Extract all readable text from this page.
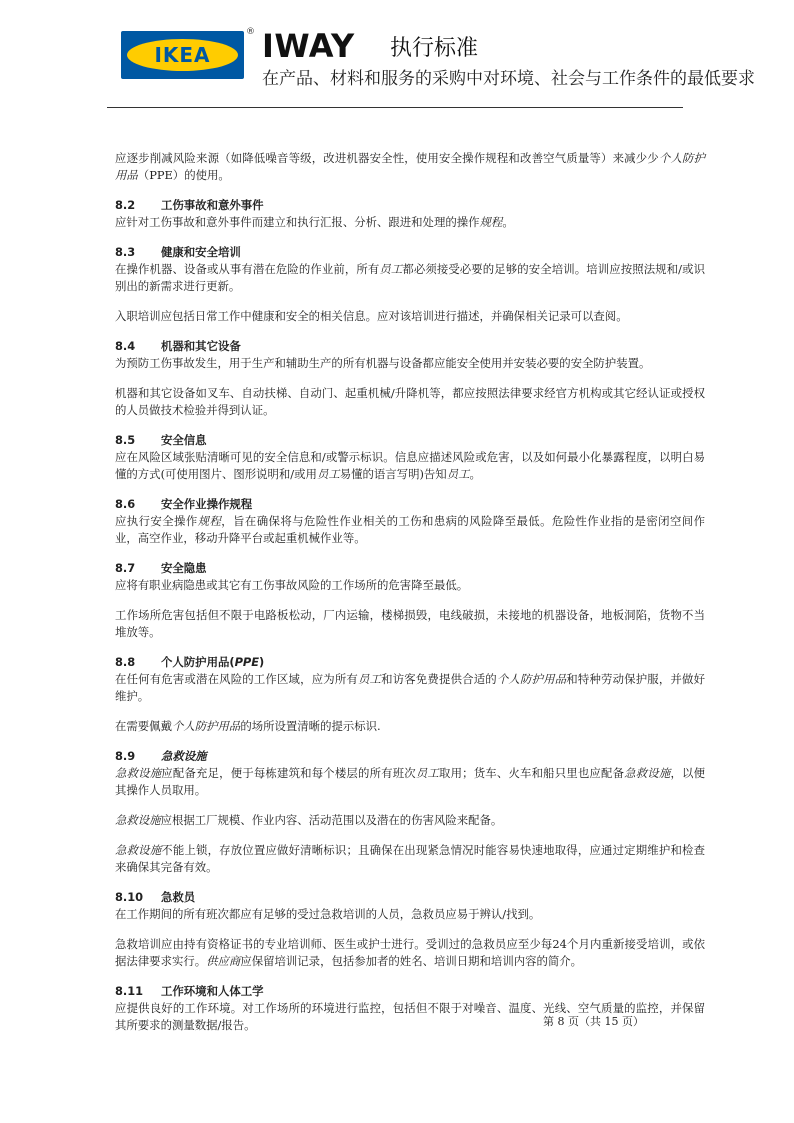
IKEA
® IWAY 执行标准
在产品、材料和服务的采购中对环境、社会与工作条件的最低要求

应逐步削减风险来源（如降低噪音等级，改进机器安全性，使用安全操作规程和改善空气质量等）来减少少个人防护用品（PPE）的使用。

8.2 工伤事故和意外事件

应针对工伤事故和意外事件而建立和执行汇报、分析、跟进和处理的操作规程。

8.3 健康和安全培训

在操作机器、设备或从事有潜在危险的作业前，所有员工都必须接受必要的足够的安全培训。培训应按照法规和/或识别出的新需求进行更新。

入职培训应包括日常工作中健康和安全的相关信息。应对该培训进行描述，并确保相关记录可以查阅。

8.4 机器和其它设备

为预防工伤事故发生，用于生产和辅助生产的所有机器与设备都应能安全使用并安装必要的安全防护装置。

机器和其它设备如叉车、自动扶梯、自动门、起重机械/升降机等，都应按照法律要求经官方机构或其它经认证或授权的人员做技术检验并得到认证。

8.5 安全信息

应在风险区域张贴清晰可见的安全信息和/或警示标识。信息应描述风险或危害，以及如何最小化暴露程度，以明白易懂的方式(可使用图片、图形说明和/或用员工易懂的语言写明)告知员工。

8.6 安全作业操作规程

应执行安全操作规程，旨在确保将与危险性作业相关的工伤和患病的风险降至最低。危险性作业指的是密闭空间作业，高空作业，移动升降平台或起重机械作业等。

8.7 安全隐患

应将有职业病隐患或其它有工伤事故风险的工作场所的危害降至最低。

工作场所危害包括但不限于电路板松动，厂内运输，楼梯损毁，电线破损，未接地的机器设备，地板洞陷，货物不当堆放等。

8.8 个人防护用品(PPE)

在任何有危害或潜在风险的工作区域，应为所有员工和访客免费提供合适的个人防护用品和特种劳动保护服，并做好维护。

在需要佩戴个人防护用品的场所设置清晰的提示标识.

8.9 急救设施

急救设施应配备充足，便于每栋建筑和每个楼层的所有班次员工取用；货车、火车和船只里也应配备急救设施，以便其操作人员取用。

急救设施应根据工厂规模、作业内容、活动范围以及潜在的伤害风险来配备。

急救设施不能上锁，存放位置应做好清晰标识；且确保在出现紧急情况时能容易快速地取得，应通过定期维护和检查来确保其完备有效。

8.10 急救员

在工作期间的所有班次都应有足够的受过急救培训的人员，急救员应易于辨认/找到。

急救培训应由持有资格证书的专业培训师、医生或护士进行。受训过的急救员应至少每24个月内重新接受培训，或依据法律要求实行。供应商应保留培训记录，包括参加者的姓名、培训日期和培训内容的简介。

8.11 工作环境和人体工学

应提供良好的工作环境。对工作场所的环境进行监控，包括但不限于对噪音、温度、光线、空气质量的监控，并保留其所要求的测量数据/报告。	第 8 页（共 15 页）
